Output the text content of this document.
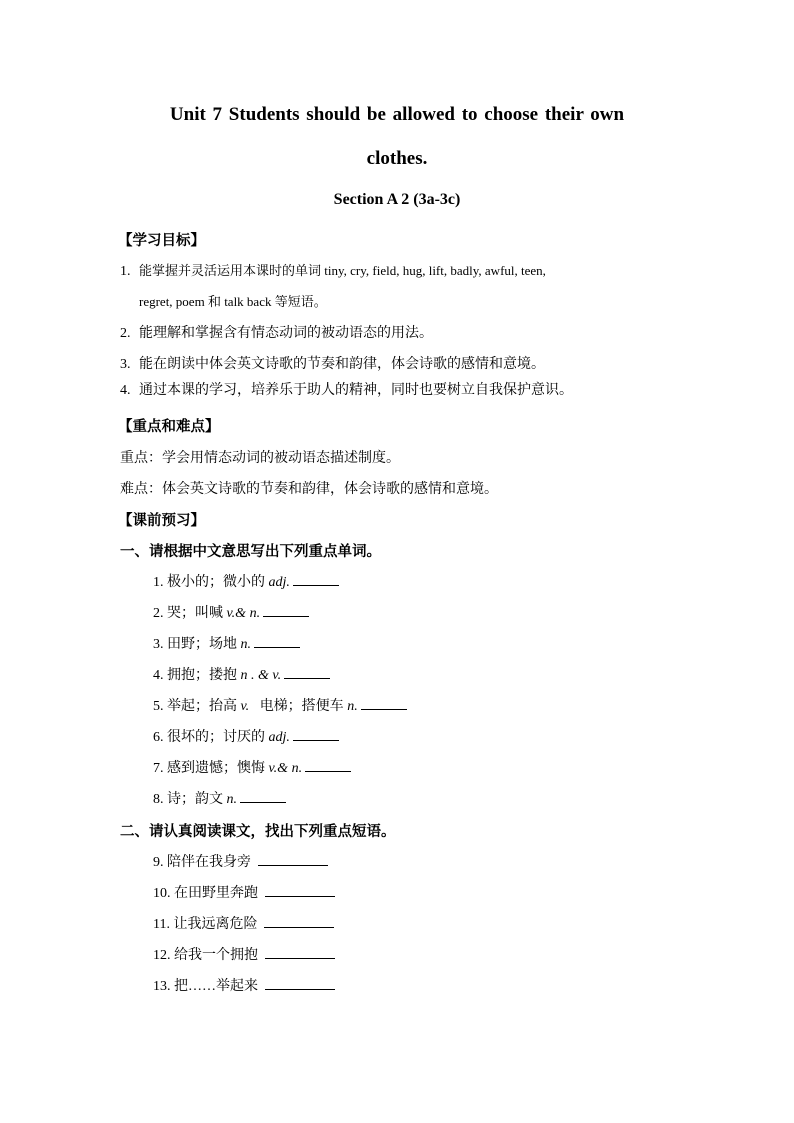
Unit 7 Students should be allowed to choose their own
clothes.
Section A 2 (3a-3c)
【学习目标】
1. 能掌握并灵活运用本课时的单词 tiny, cry, field, hug, lift, badly, awful, teen,
regret, poem 和 talk back 等短语。
2. 能理解和掌握含有情态动词的被动语态的用法。
3. 能在朗读中体会英文诗歌的节奏和韵律，体会诗歌的感情和意境。
4. 通过本课的学习，培养乐于助人的精神，同时也要树立自我保护意识。
【重点和难点】
重点：学会用情态动词的被动语态描述制度。
难点：体会英文诗歌的节奏和韵律，体会诗歌的感情和意境。
【课前预习】
一、请根据中文意思写出下列重点单词。
1. 极小的；微小的 adj.
2. 哭；叫喊 v.& n.
3. 田野；场地 n.
4. 拥抱；搂抱 n . & v.
5. 举起；抬高 v. 电梯；搭便车 n.
6. 很坏的；讨厌的 adj.
7. 感到遗憾；懊悔 v.& n.
8. 诗；韵文 n.
二、请认真阅读课文，找出下列重点短语。
9. 陪伴在我身旁
10. 在田野里奔跑
11. 让我远离危险
12. 给我一个拥抱
13. 把……举起来
